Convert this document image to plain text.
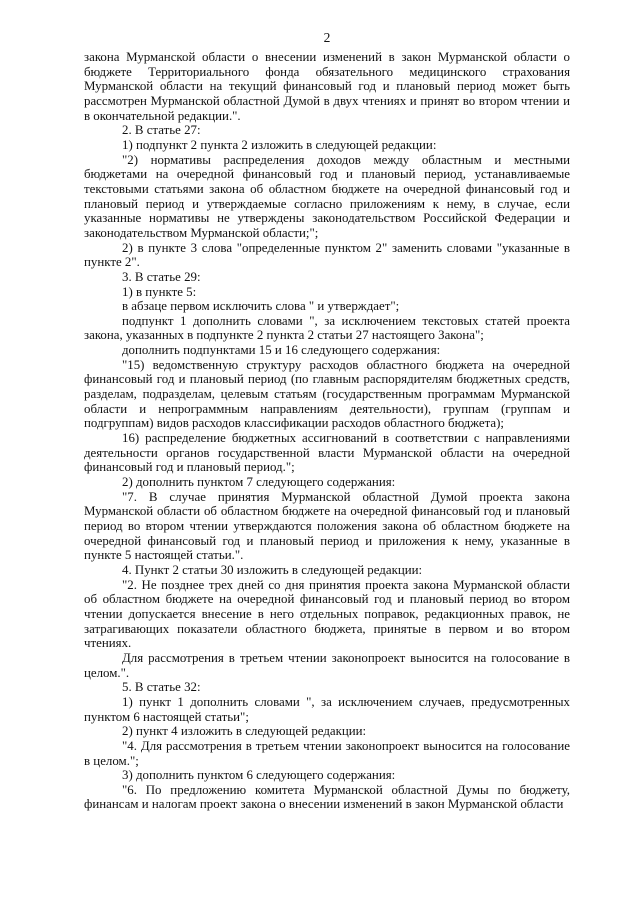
2

закона Мурманской области о внесении изменений в закон Мурманской области о бюджете Территориального фонда обязательного медицинского страхования Мурманской области на текущий финансовый год и плановый период может быть рассмотрен Мурманской областной Думой в двух чтениях и принят во втором чтении и в окончательной редакции.".

2. В статье 27:

1) подпункт 2 пункта 2 изложить в следующей редакции:

"2) нормативы распределения доходов между областным и местными бюджетами на очередной финансовый год и плановый период, устанавливаемые текстовыми статьями закона об областном бюджете на очередной финансовый год и плановый период и утверждаемые согласно приложениям к нему, в случае, если указанные нормативы не утверждены законодательством Российской Федерации и законодательством Мурманской области;";

2) в пункте 3 слова "определенные пунктом 2" заменить словами "указанные в пункте 2".

3. В статье 29:

1) в пункте 5:

в абзаце первом исключить слова " и утверждает";

подпункт 1 дополнить словами ", за исключением текстовых статей проекта закона, указанных в подпункте 2 пункта 2 статьи 27 настоящего Закона";

дополнить подпунктами 15 и 16 следующего содержания:

"15) ведомственную структуру расходов областного бюджета на очередной финансовый год и плановый период (по главным распорядителям бюджетных средств, разделам, подразделам, целевым статьям (государственным программам Мурманской области и непрограммным направлениям деятельности), группам (группам и подгруппам) видов расходов классификации расходов областного бюджета);

16) распределение бюджетных ассигнований в соответствии с направлениями деятельности органов государственной власти Мурманской области на очередной финансовый год и плановый период.";

2) дополнить пунктом 7 следующего содержания:

"7. В случае принятия Мурманской областной Думой проекта закона Мурманской области об областном бюджете на очередной финансовый год и плановый период во втором чтении утверждаются положения закона об областном бюджете на очередной финансовый год и плановый период и приложения к нему, указанные в пункте 5 настоящей статьи.".

4. Пункт 2 статьи 30 изложить в следующей редакции:

"2. Не позднее трех дней со дня принятия проекта закона Мурманской области об областном бюджете на очередной финансовый год и плановый период во втором чтении допускается внесение в него отдельных поправок, редакционных правок, не затрагивающих показатели областного бюджета, принятые в первом и во втором чтениях.

Для рассмотрения в третьем чтении законопроект выносится на голосование в целом.".

5. В статье 32:

1) пункт 1 дополнить словами ", за исключением случаев, предусмотренных пунктом 6 настоящей статьи";

2) пункт 4 изложить в следующей редакции:

"4. Для рассмотрения в третьем чтении законопроект выносится на голосование в целом.";

3) дополнить пунктом 6 следующего содержания:

"6. По предложению комитета Мурманской областной Думы по бюджету, финансам и налогам проект закона о внесении изменений в закон Мурманской области
